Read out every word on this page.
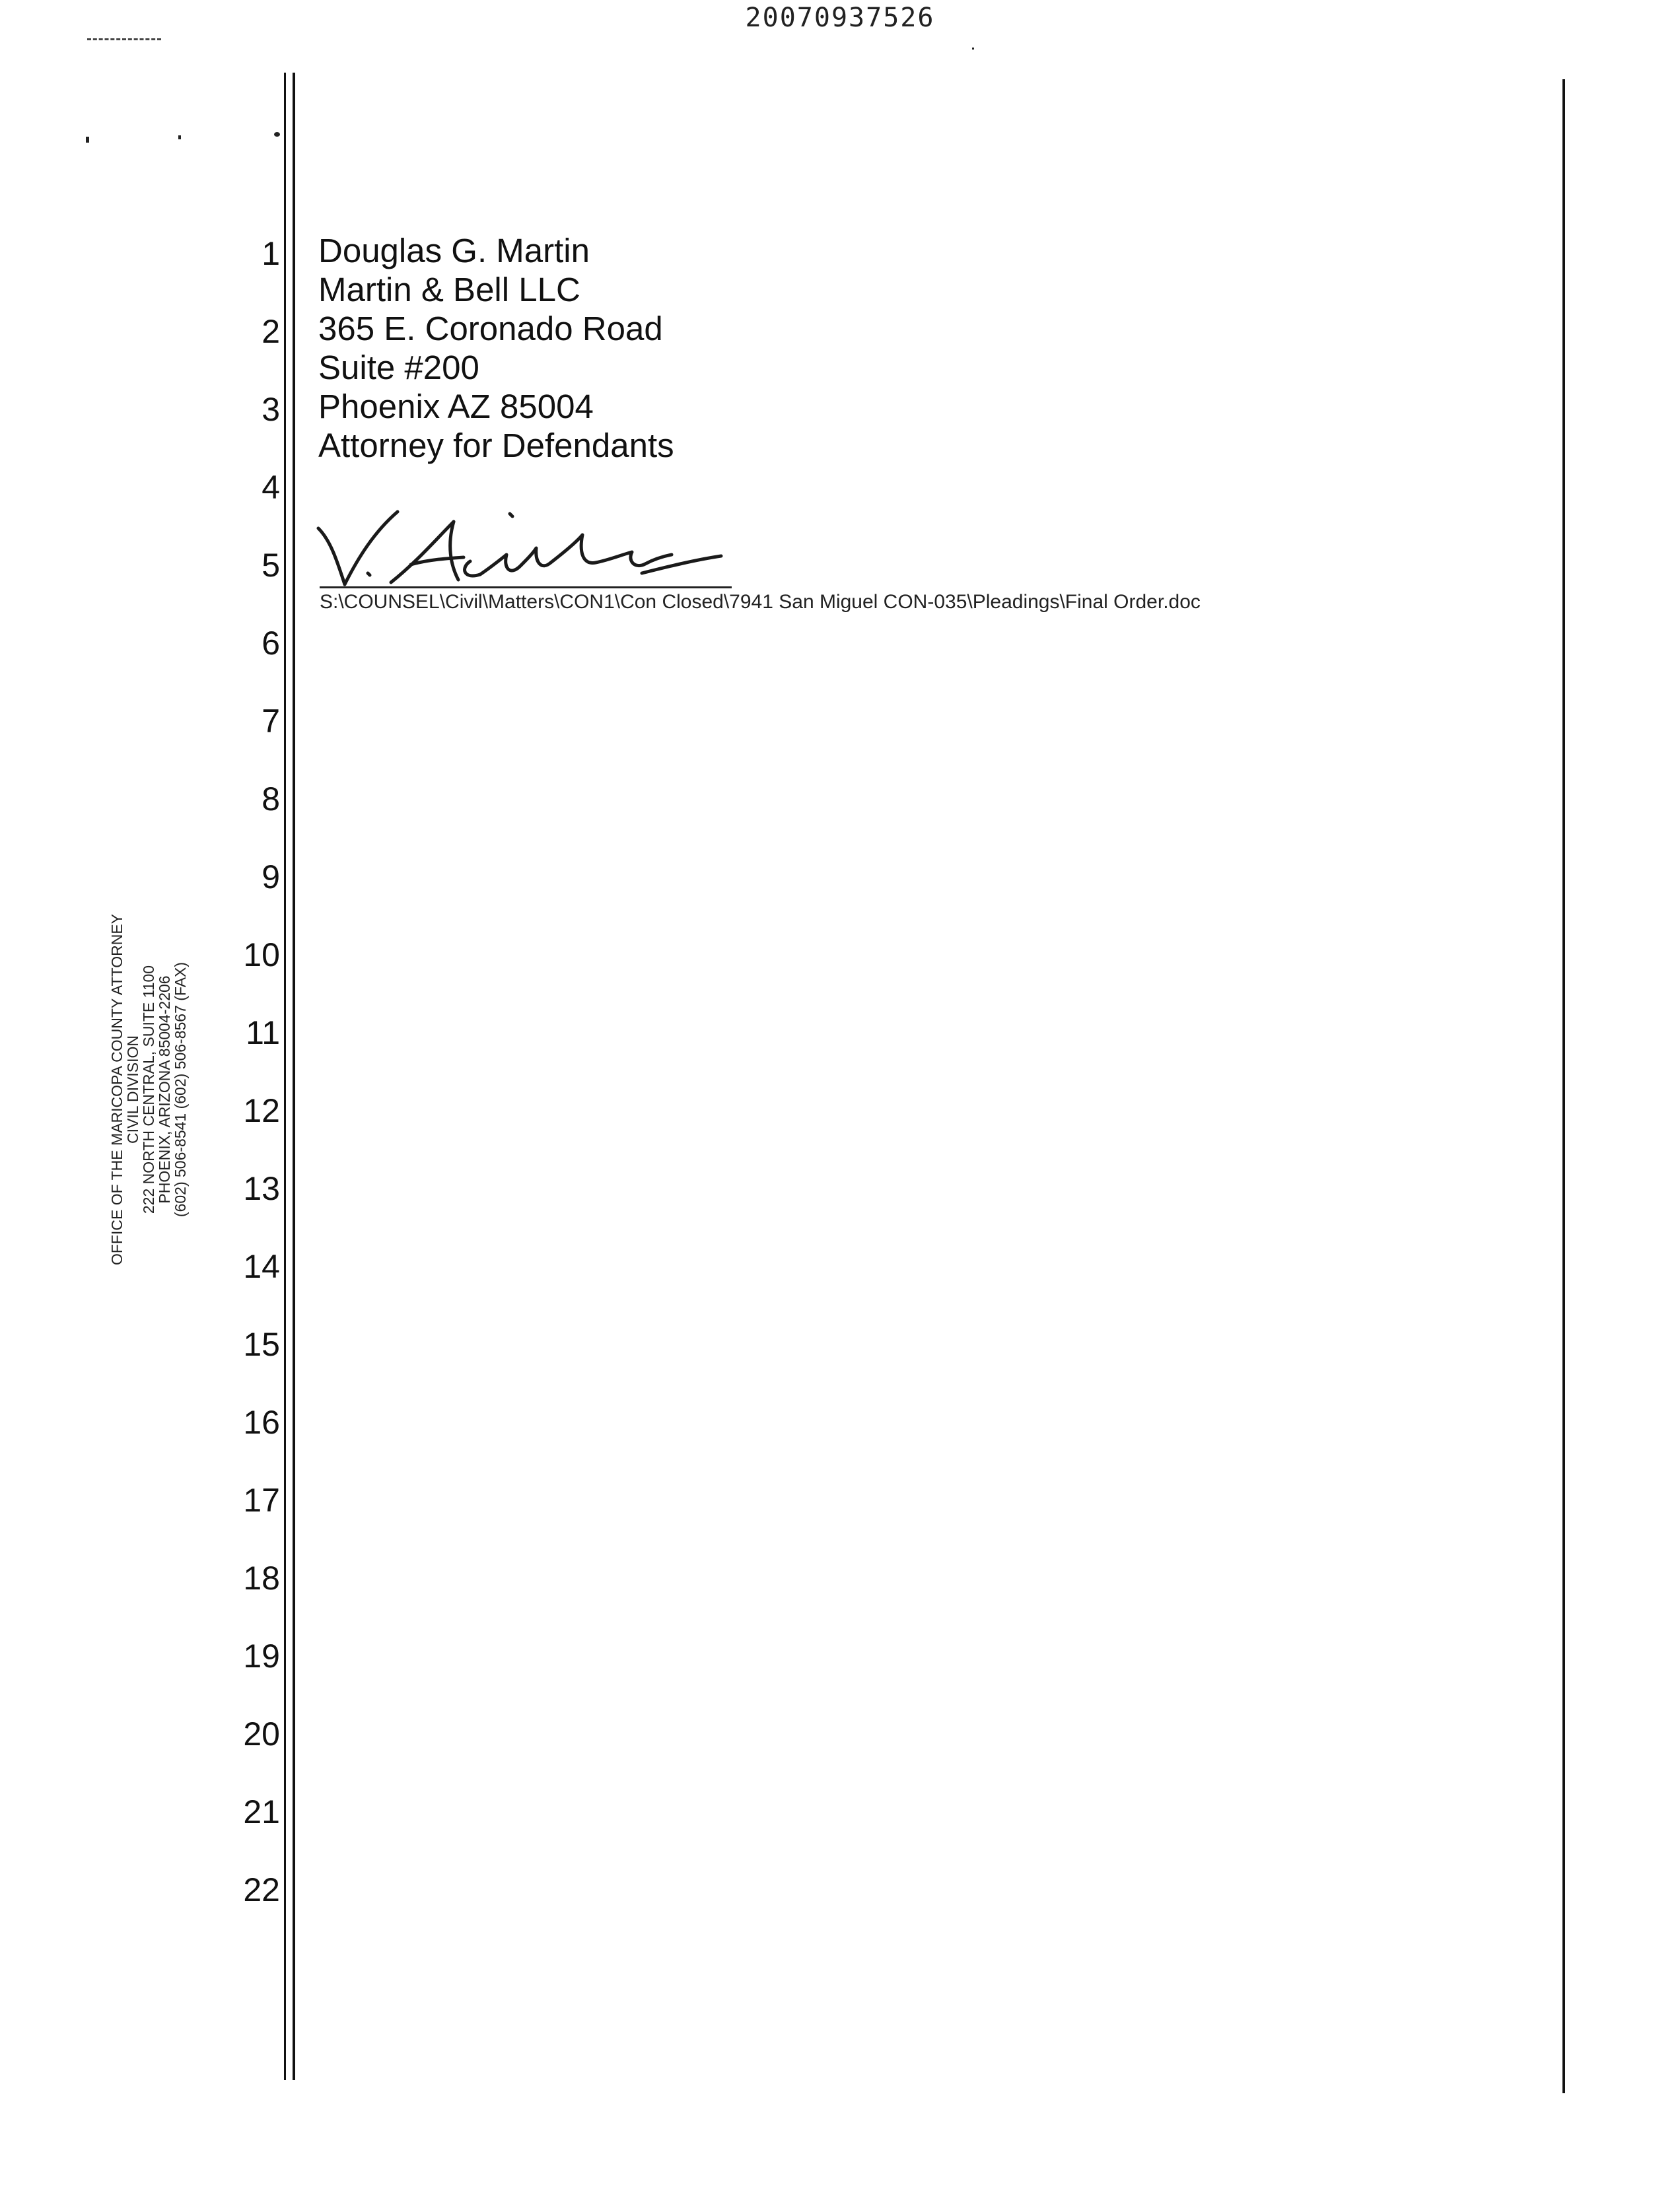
20070937526
1
2
3
4
5
6
7
8
9
10
11
12
13
14
15
16
17
18
19
20
21
22
Douglas G. Martin
Martin & Bell LLC
365 E. Coronado Road
Suite #200
Phoenix AZ 85004
Attorney for Defendants
S:\COUNSEL\Civil\Matters\CON1\Con Closed\7941 San Miguel CON-035\Pleadings\Final Order.doc
OFFICE OF THE MARICOPA COUNTY ATTORNEY
CIVIL DIVISION
222 NORTH CENTRAL, SUITE 1100
PHOENIX, ARIZONA 85004-2206
(602) 506-8541 (602) 506-8567 (FAX)
